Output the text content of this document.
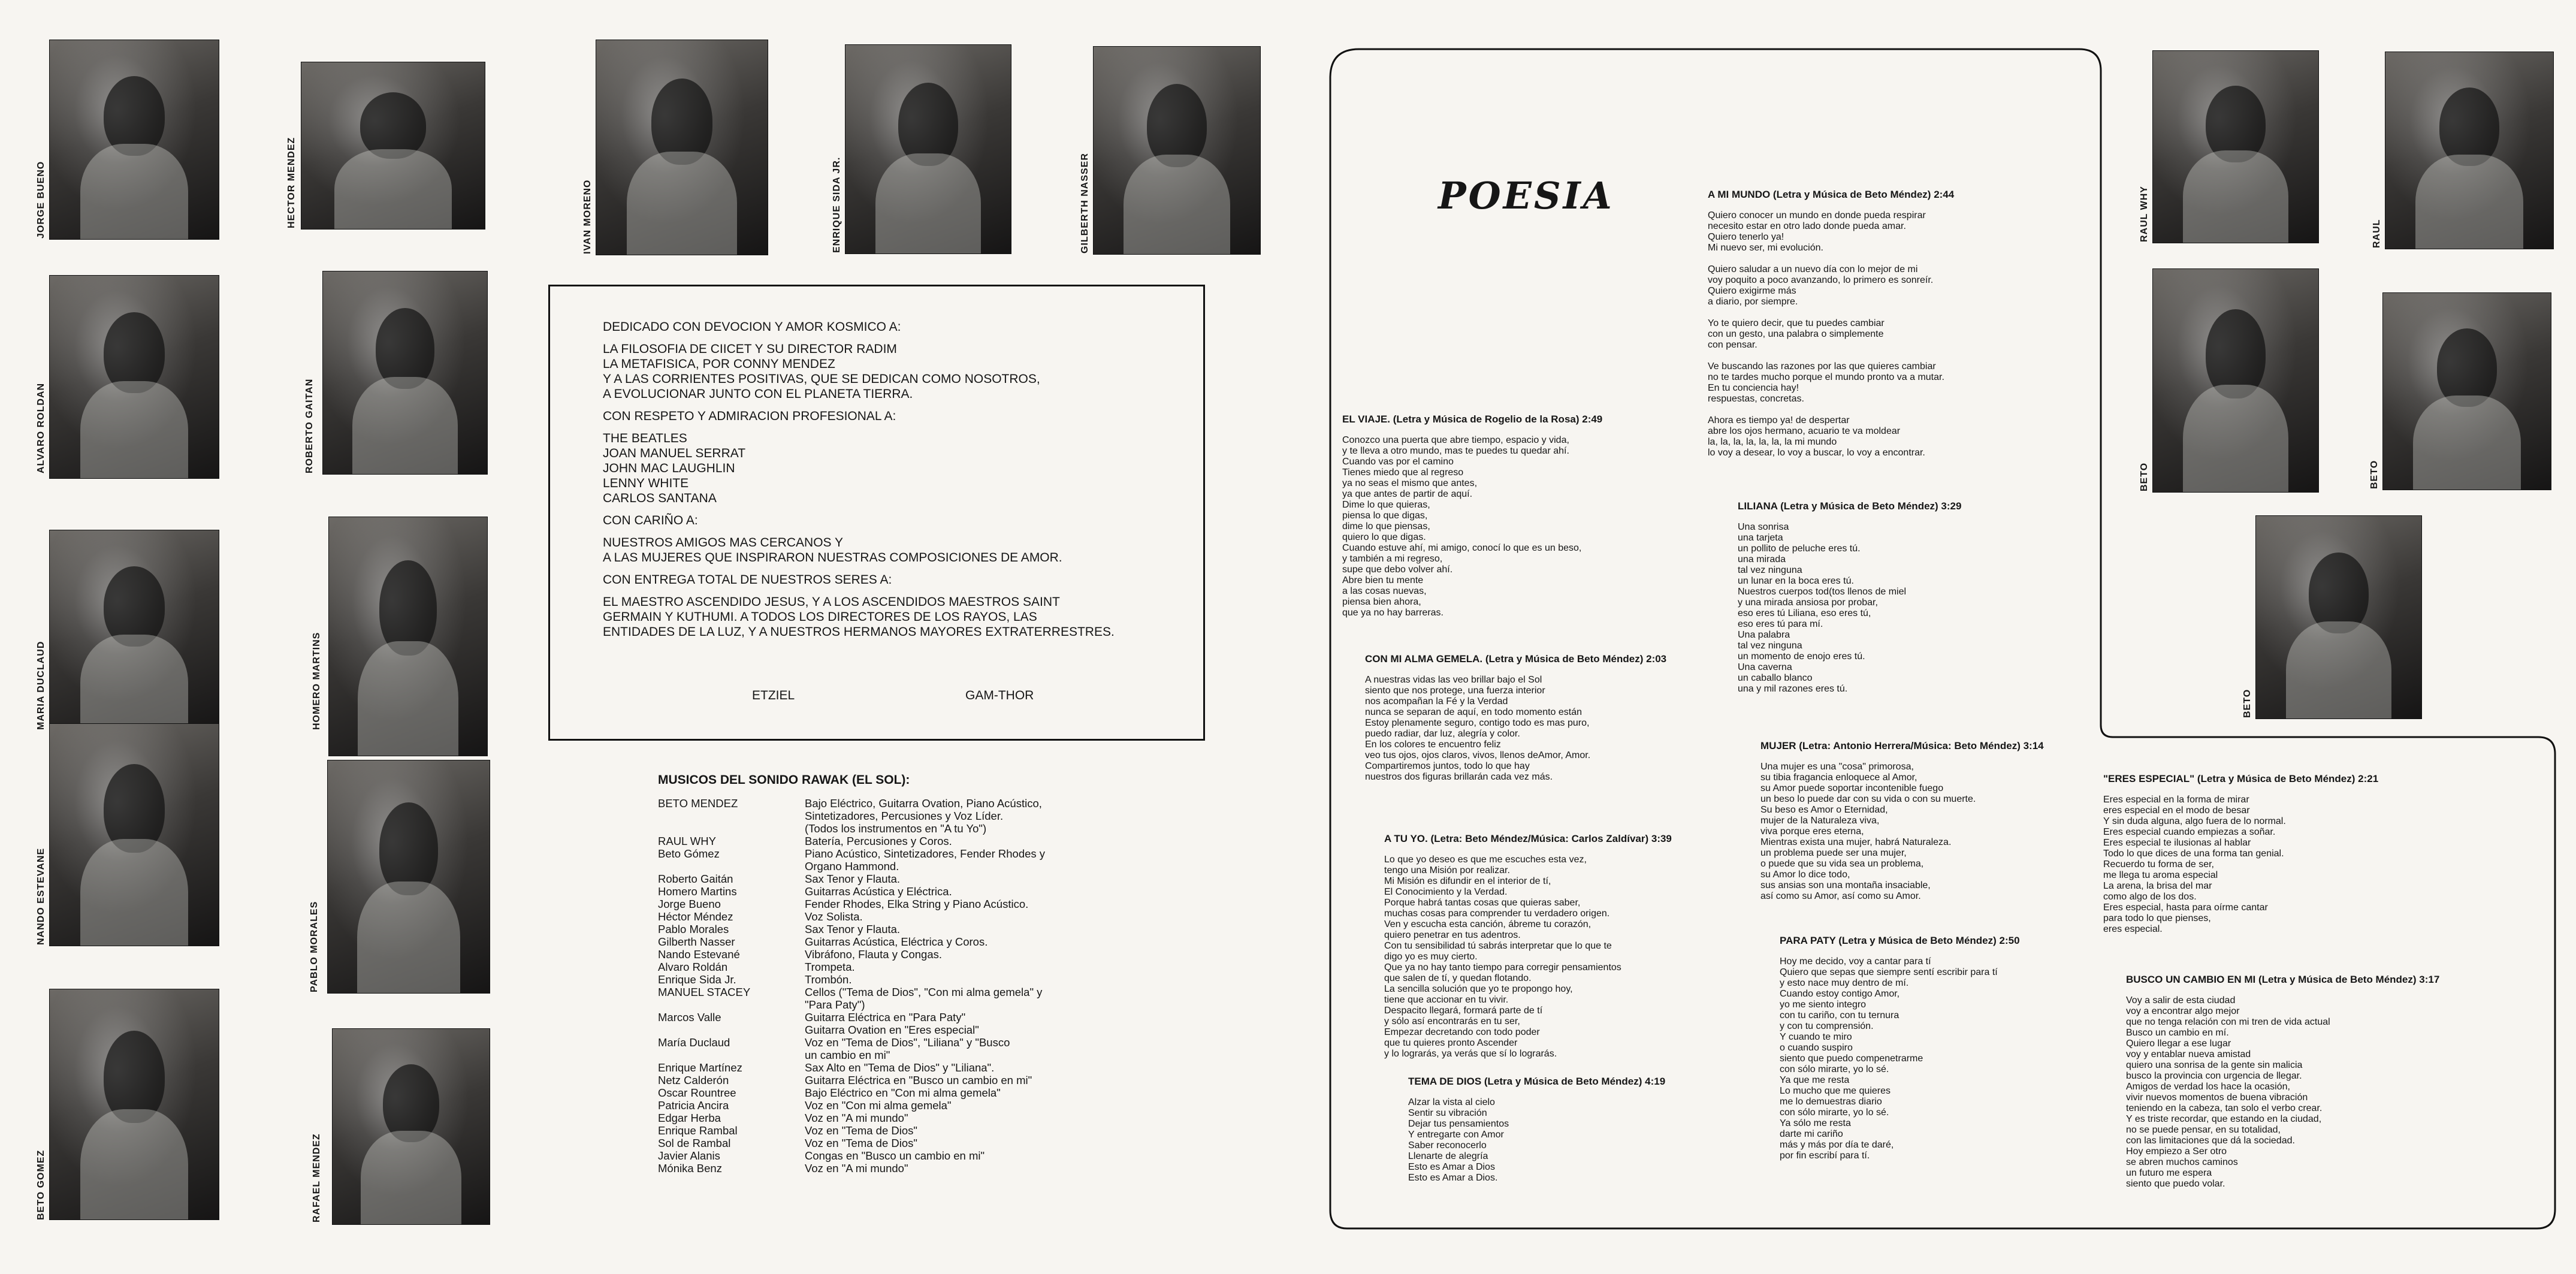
JORGE BUENO
ALVARO ROLDAN
MARIA DUCLAUD
NANDO ESTEVANE
BETO GOMEZ
HECTOR MENDEZ
ROBERTO GAITAN
HOMERO MARTINS
PABLO MORALES
RAFAEL MENDEZ
IVAN MORENO	ENRIQUE SIDA JR.	GILBERTH NASSER

DEDICADO CON DEVOCION Y AMOR KOSMICO A:

LA FILOSOFIA DE CIICET Y SU DIRECTOR RADIM
LA METAFISICA, POR CONNY MENDEZ
Y A LAS CORRIENTES POSITIVAS, QUE SE DEDICAN COMO NOSOTROS,
A EVOLUCIONAR JUNTO CON EL PLANETA TIERRA.

CON RESPETO Y ADMIRACION PROFESIONAL A:

THE BEATLES
JOAN MANUEL SERRAT
JOHN MAC LAUGHLIN
LENNY WHITE
CARLOS SANTANA

CON CARIÑO A:

NUESTROS AMIGOS MAS CERCANOS Y
A LAS MUJERES QUE INSPIRARON NUESTRAS COMPOSICIONES DE AMOR.

CON ENTREGA TOTAL DE NUESTROS SERES A:

EL MAESTRO ASCENDIDO JESUS, Y A LOS ASCENDIDOS MAESTROS SAINT
GERMAIN Y KUTHUMI. A TODOS LOS DIRECTORES DE LOS RAYOS, LAS
ENTIDADES DE LA LUZ, Y A NUESTROS HERMANOS MAYORES EXTRATERRESTRES.

ETZIEL	GAM-THOR
MUSICOS DEL SONIDO RAWAK (EL SOL):
BETO MENDEZ	Bajo Eléctrico, Guitarra Ovation, Piano Acústico,
Sintetizadores, Percusiones y Voz Líder.
(Todos los instrumentos en "A tu Yo")
RAUL WHY	Batería, Percusiones y Coros.
Beto Gómez	Piano Acústico, Sintetizadores, Fender Rhodes y
Organo Hammond.
Roberto Gaitán	Sax Tenor y Flauta.
Homero Martins	Guitarras Acústica y Eléctrica.
Jorge Bueno	Fender Rhodes, Elka String y Piano Acústico.
Héctor Méndez	Voz Solista.
Pablo Morales	Sax Tenor y Flauta.
Gilberth Nasser	Guitarras Acústica, Eléctrica y Coros.
Nando Estevané	Vibráfono, Flauta y Congas.
Alvaro Roldán	Trompeta.
Enrique Sida Jr.	Trombón.
MANUEL STACEY	Cellos ("Tema de Dios", "Con mi alma gemela" y
"Para Paty")
Marcos Valle	Guitarra Eléctrica en "Para Paty"
Guitarra Ovation en "Eres especial"
María Duclaud	Voz en "Tema de Dios", "Liliana" y "Busco
un cambio en mi"
Enrique Martínez	Sax Alto en "Tema de Dios" y "Liliana".
Netz Calderón	Guitarra Eléctrica en "Busco un cambio en mi"
Oscar Rountree	Bajo Eléctrico en "Con mi alma gemela"
Patricia Ancira	Voz en "Con mi alma gemela"
Edgar Herba	Voz en "A mi mundo"
Enrique Rambal	Voz en "Tema de Dios"
Sol de Rambal	Voz en "Tema de Dios"
Javier Alanis	Congas en "Busco un cambio en mi"
Mónika Benz	Voz en "A mi mundo"
POESIA
EL VIAJE. (Letra y Música de Rogelio de la Rosa) 2:49

Conozco una puerta que abre tiempo, espacio y vida,
y te lleva a otro mundo, mas te puedes tu quedar ahí.
Cuando vas por el camino
Tienes miedo que al regreso
ya no seas el mismo que antes,
ya que antes de partir de aquí.
Dime lo que quieras,
piensa lo que digas,
dime lo que piensas,
quiero lo que digas.
Cuando estuve ahí, mi amigo, conocí lo que es un beso,
y también a mi regreso,
supe que debo volver ahí.
Abre bien tu mente
a las cosas nuevas,
piensa bien ahora,
que ya no hay barreras.

CON MI ALMA GEMELA. (Letra y Música de Beto Méndez) 2:03

A nuestras vidas las veo brillar bajo el Sol
siento que nos protege, una fuerza interior
nos acompañan la Fé y la Verdad
nunca se separan de aquí, en todo momento están
Estoy plenamente seguro, contigo todo es mas puro,
puedo radiar, dar luz, alegría y color.
En los colores te encuentro feliz
veo tus ojos, ojos claros, vivos, llenos deAmor, Amor.
Compartiremos juntos, todo lo que hay
nuestros dos figuras brillarán cada vez más.

A TU YO. (Letra: Beto Méndez/Música: Carlos Zaldívar) 3:39

Lo que yo deseo es que me escuches esta vez,
tengo una Misión por realizar.
Mi Misión es difundir en el interior de tí,
El Conocimiento y la Verdad.
Porque habrá tantas cosas que quieras saber,
muchas cosas para comprender tu verdadero origen.
Ven y escucha esta canción, ábreme tu corazón,
quiero penetrar en tus adentros.
Con tu sensibilidad tú sabrás interpretar que lo que te
digo yo es muy cierto.
Que ya no hay tanto tiempo para corregir pensamientos
que salen de tí, y quedan flotando.
La sencilla solución que yo te propongo hoy,
tiene que accionar en tu vivir.
Despacito llegará, formará parte de tí
y sólo así encontrarás en tu ser,
Empezar decretando con todo poder
que tu quieres pronto Ascender
y lo lograrás, ya verás que sí lo lograrás.

TEMA DE DIOS (Letra y Música de Beto Méndez) 4:19

Alzar la vista al cielo
Sentir su vibración
Dejar tus pensamientos
Y entregarte con Amor
Saber reconocerlo
Llenarte de alegría
Esto es Amar a Dios
Esto es Amar a Dios.

A MI MUNDO (Letra y Música de Beto Méndez) 2:44

Quiero conocer un mundo en donde pueda respirar
necesito estar en otro lado donde pueda amar.
Quiero tenerlo ya!
Mi nuevo ser, mi evolución.

Quiero saludar a un nuevo día con lo mejor de mi
voy poquito a poco avanzando, lo primero es sonreír.
Quiero exigirme más
a diario, por siempre.

Yo te quiero decir, que tu puedes cambiar
con un gesto, una palabra o simplemente
con pensar.

Ve buscando las razones por las que quieres cambiar
no te tardes mucho porque el mundo pronto va a mutar.
En tu conciencia hay!
respuestas, concretas.

Ahora es tiempo ya! de despertar
abre los ojos hermano, acuario te va moldear
la, la, la, la, la, la, la mi mundo
lo voy a desear, lo voy a buscar, lo voy a encontrar.

LILIANA (Letra y Música de Beto Méndez) 3:29

Una sonrisa
una tarjeta
un pollito de peluche eres tú.
una mirada
tal vez ninguna
un lunar en la boca eres tú.
Nuestros cuerpos tod(tos llenos de miel
y una mirada ansiosa por probar,
eso eres tú Liliana, eso eres tú,
eso eres tú para mí.
Una palabra
tal vez ninguna
un momento de enojo eres tú.
Una caverna
un caballo blanco
una y mil razones eres tú.

MUJER (Letra: Antonio Herrera/Música: Beto Méndez) 3:14

Una mujer es una "cosa" primorosa,
su tibia fragancia enloquece al Amor,
su Amor puede soportar incontenible fuego
un beso lo puede dar con su vida o con su muerte.
Su beso es Amor o Eternidad,
mujer de la Naturaleza viva,
viva porque eres eterna,
Mientras exista una mujer, habrá Naturaleza.
un problema puede ser una mujer,
o puede que su vida sea un problema,
su Amor lo dice todo,
sus ansias son una montaña insaciable,
así como su Amor, así como su Amor.

PARA PATY (Letra y Música de Beto Méndez) 2:50

Hoy me decido, voy a cantar para tí
Quiero que sepas que siempre sentí escribir para tí
y esto nace muy dentro de mí.
Cuando estoy contigo Amor,
yo me siento integro
con tu cariño, con tu ternura
y con tu comprensión.
Y cuando te miro
o cuando suspiro
siento que puedo compenetrarme
con sólo mirarte, yo lo sé.
Ya que me resta
Lo mucho que me quieres
me lo demuestras diario
con sólo mirarte, yo lo sé.
Ya sólo me resta
darte mi cariño
más y más por día te daré,
por fin escribí para tí.

"ERES ESPECIAL" (Letra y Música de Beto Méndez) 2:21

Eres especial en la forma de mirar
eres especial en el modo de besar
Y sin duda alguna, algo fuera de lo normal.
Eres especial cuando empiezas a soñar.
Eres especial te ilusionas al hablar
Todo lo que dices de una forma tan genial.
Recuerdo tu forma de ser,
me llega tu aroma especial
La arena, la brisa del mar
como algo de los dos.
Eres especial, hasta para oírme cantar
para todo lo que pienses,
eres especial.

BUSCO UN CAMBIO EN MI (Letra y Música de Beto Méndez) 3:17

Voy a salir de esta ciudad
voy a encontrar algo mejor
que no tenga relación con mi tren de vida actual
Busco un cambio en mí.
Quiero llegar a ese lugar
voy y entablar nueva amistad
quiero una sonrisa de la gente sin malicia
busco la provincia con urgencia de llegar.
Amigos de verdad los hace la ocasión,
vivir nuevos momentos de buena vibración
teniendo en la cabeza, tan solo el verbo crear.
Y es triste recordar, que estando en la ciudad,
no se puede pensar, en su totalidad,
con las limitaciones que dá la sociedad.
Hoy empiezo a Ser otro
se abren muchos caminos
un futuro me espera
siento que puedo volar.

RAUL WHY	RAUL
BETO	BETO
BETO
